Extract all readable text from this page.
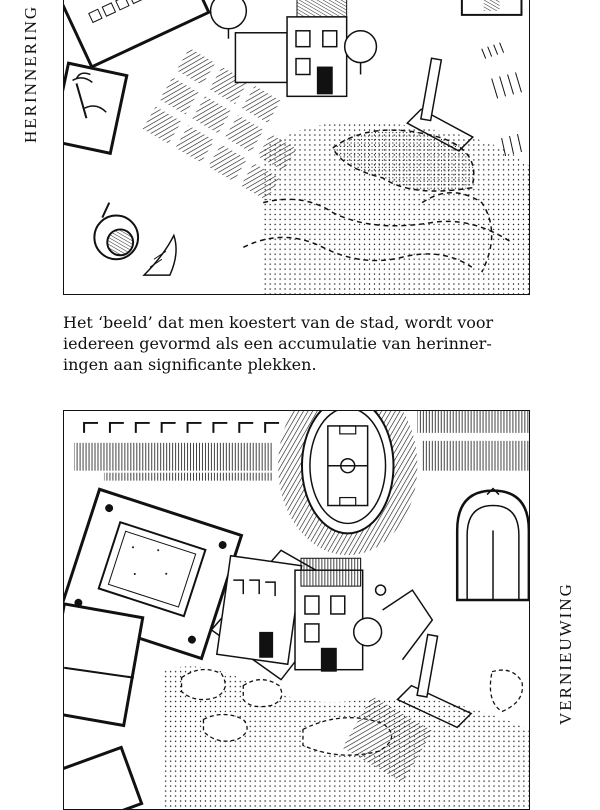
HERINNERING
Het ‘beeld’ dat men koestert van de stad, wordt voor
iedereen gevormd als een accumulatie van herinner-
ingen aan significante plekken.
VERNIEUWING
